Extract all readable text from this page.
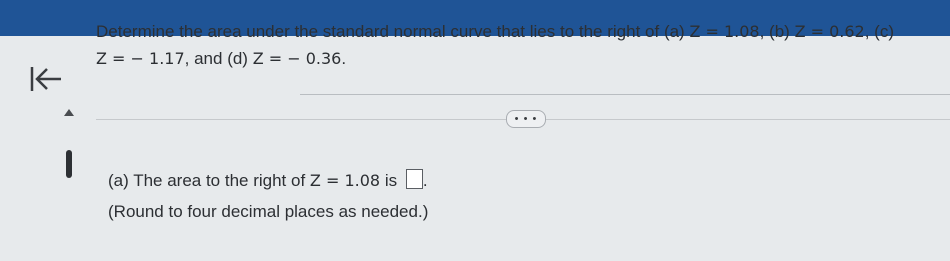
Determine the area under the standard normal curve that lies to the right of (a) Z = 1.08, (b) Z = 0.62, (c)
Z = − 1.17, and (d) Z = − 0.36.
• • •
(a) The area to the right of Z = 1.08 is .
(Round to four decimal places as needed.)
